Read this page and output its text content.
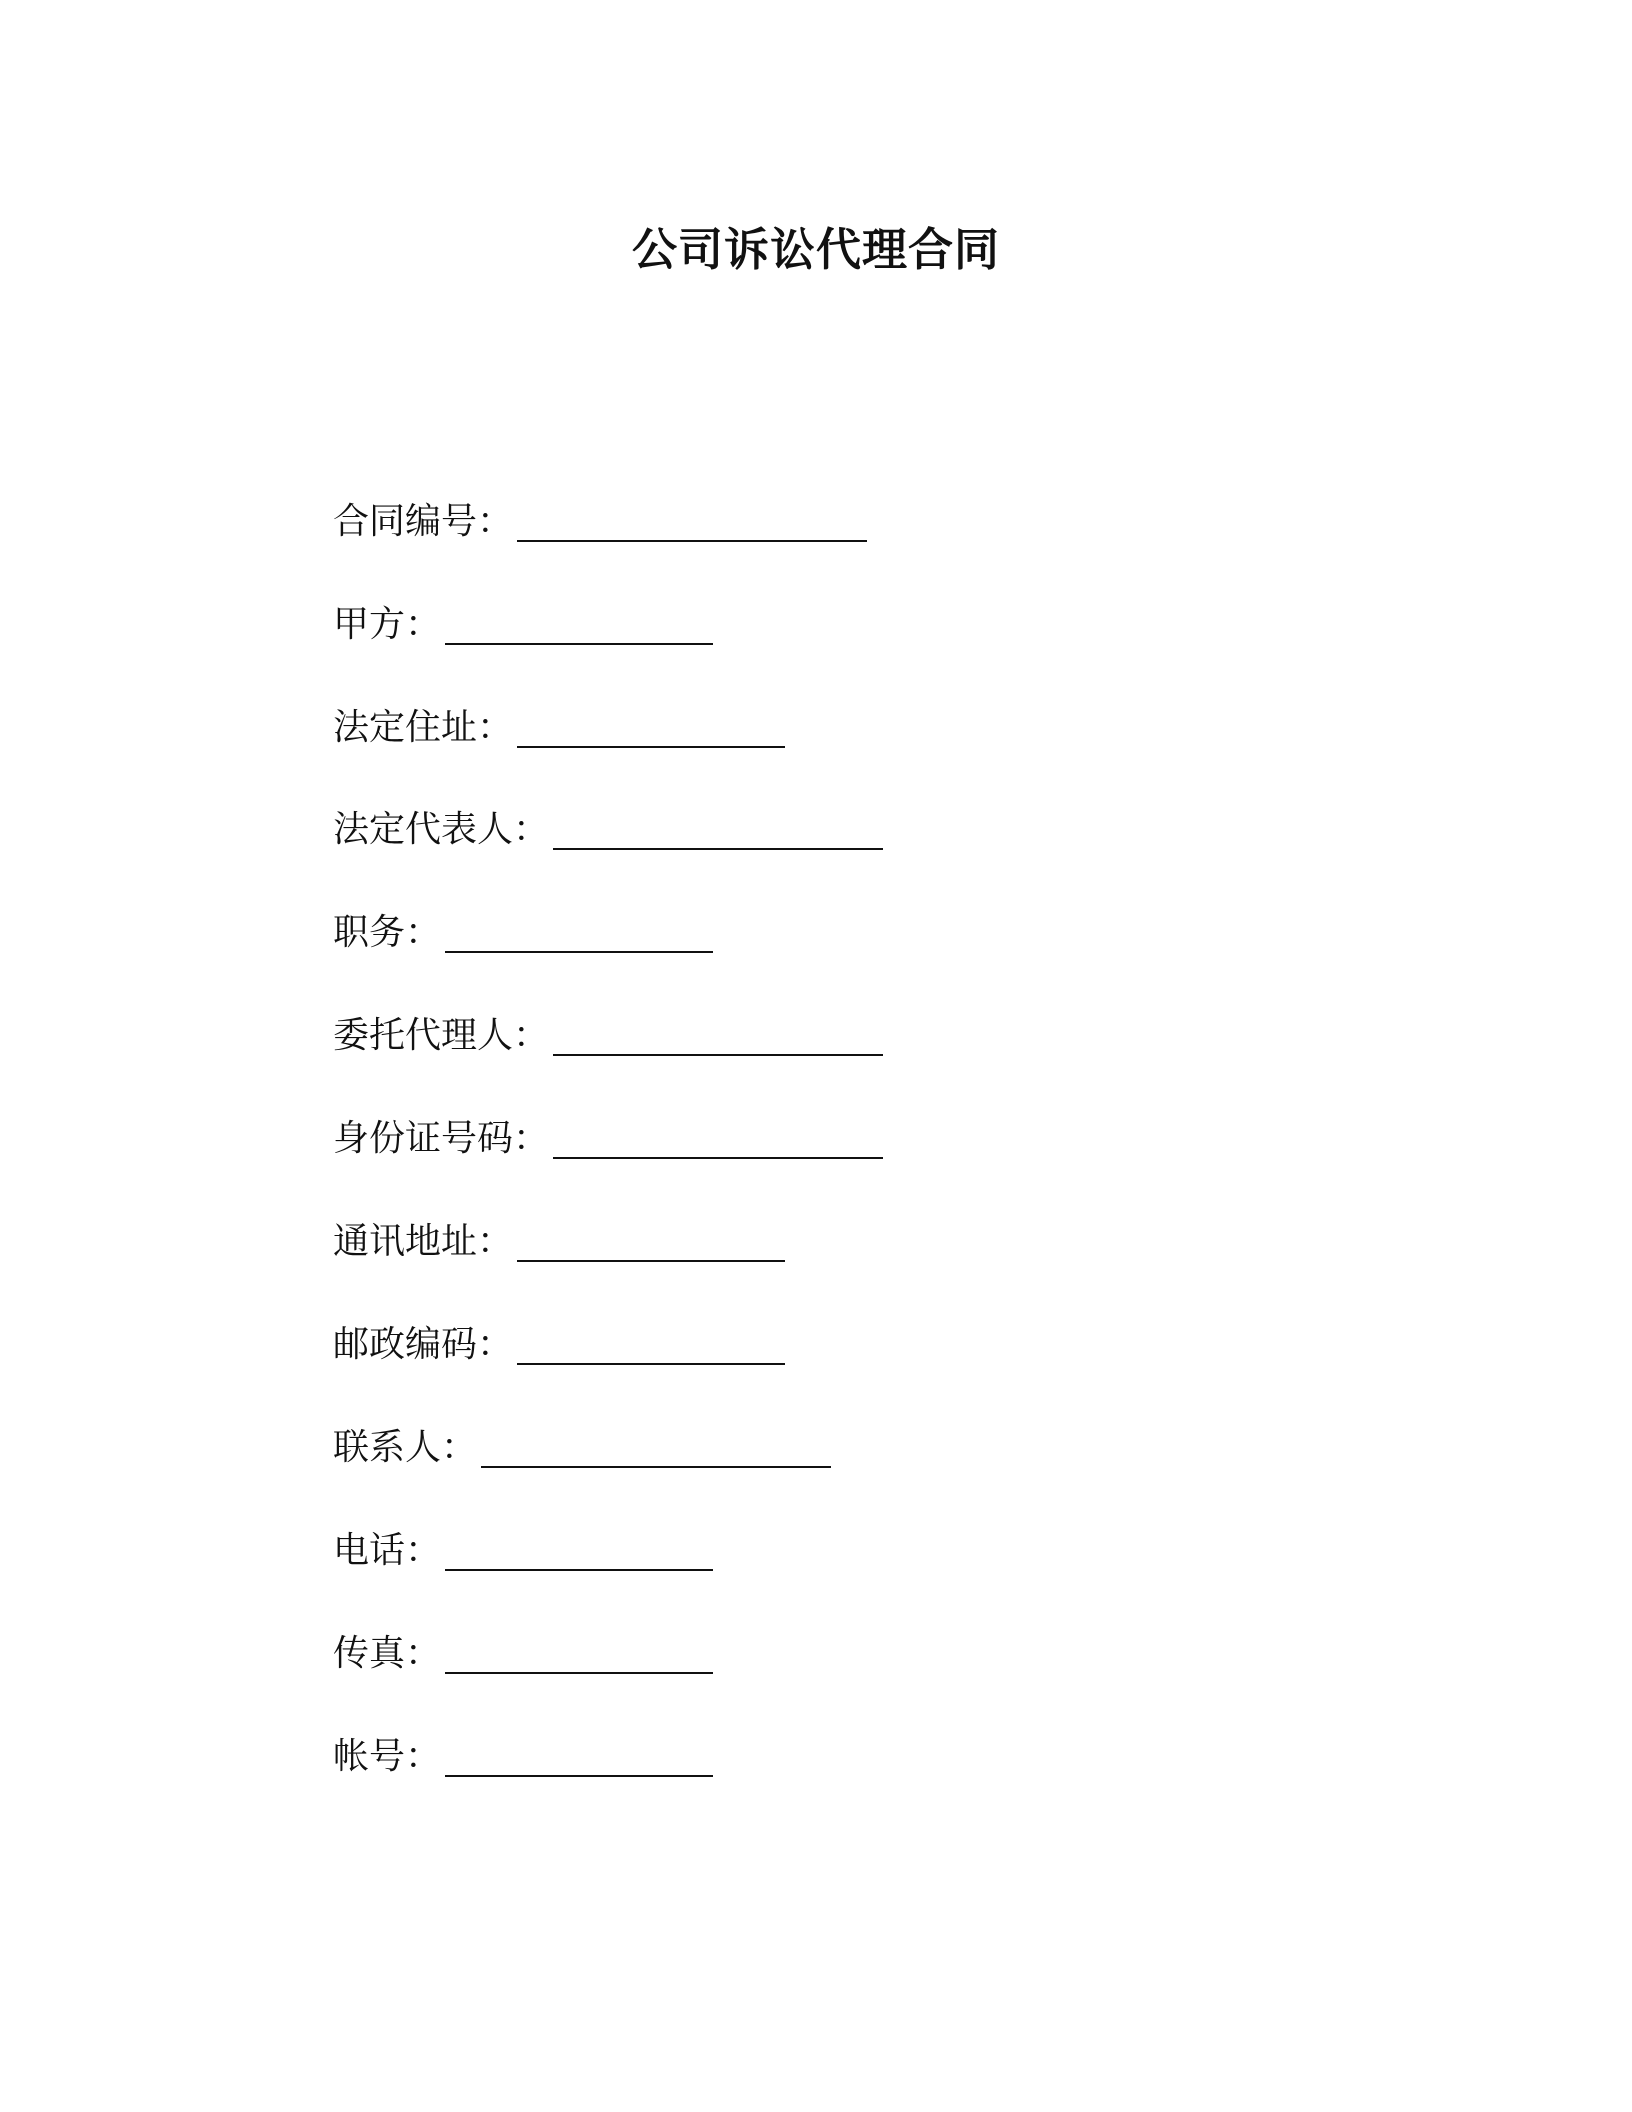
公司诉讼代理合同
合同编号：
甲方：
法定住址：
法定代表人：
职务：
委托代理人：
身份证号码：
通讯地址：
邮政编码：
联系人：
电话：
传真：
帐号：
